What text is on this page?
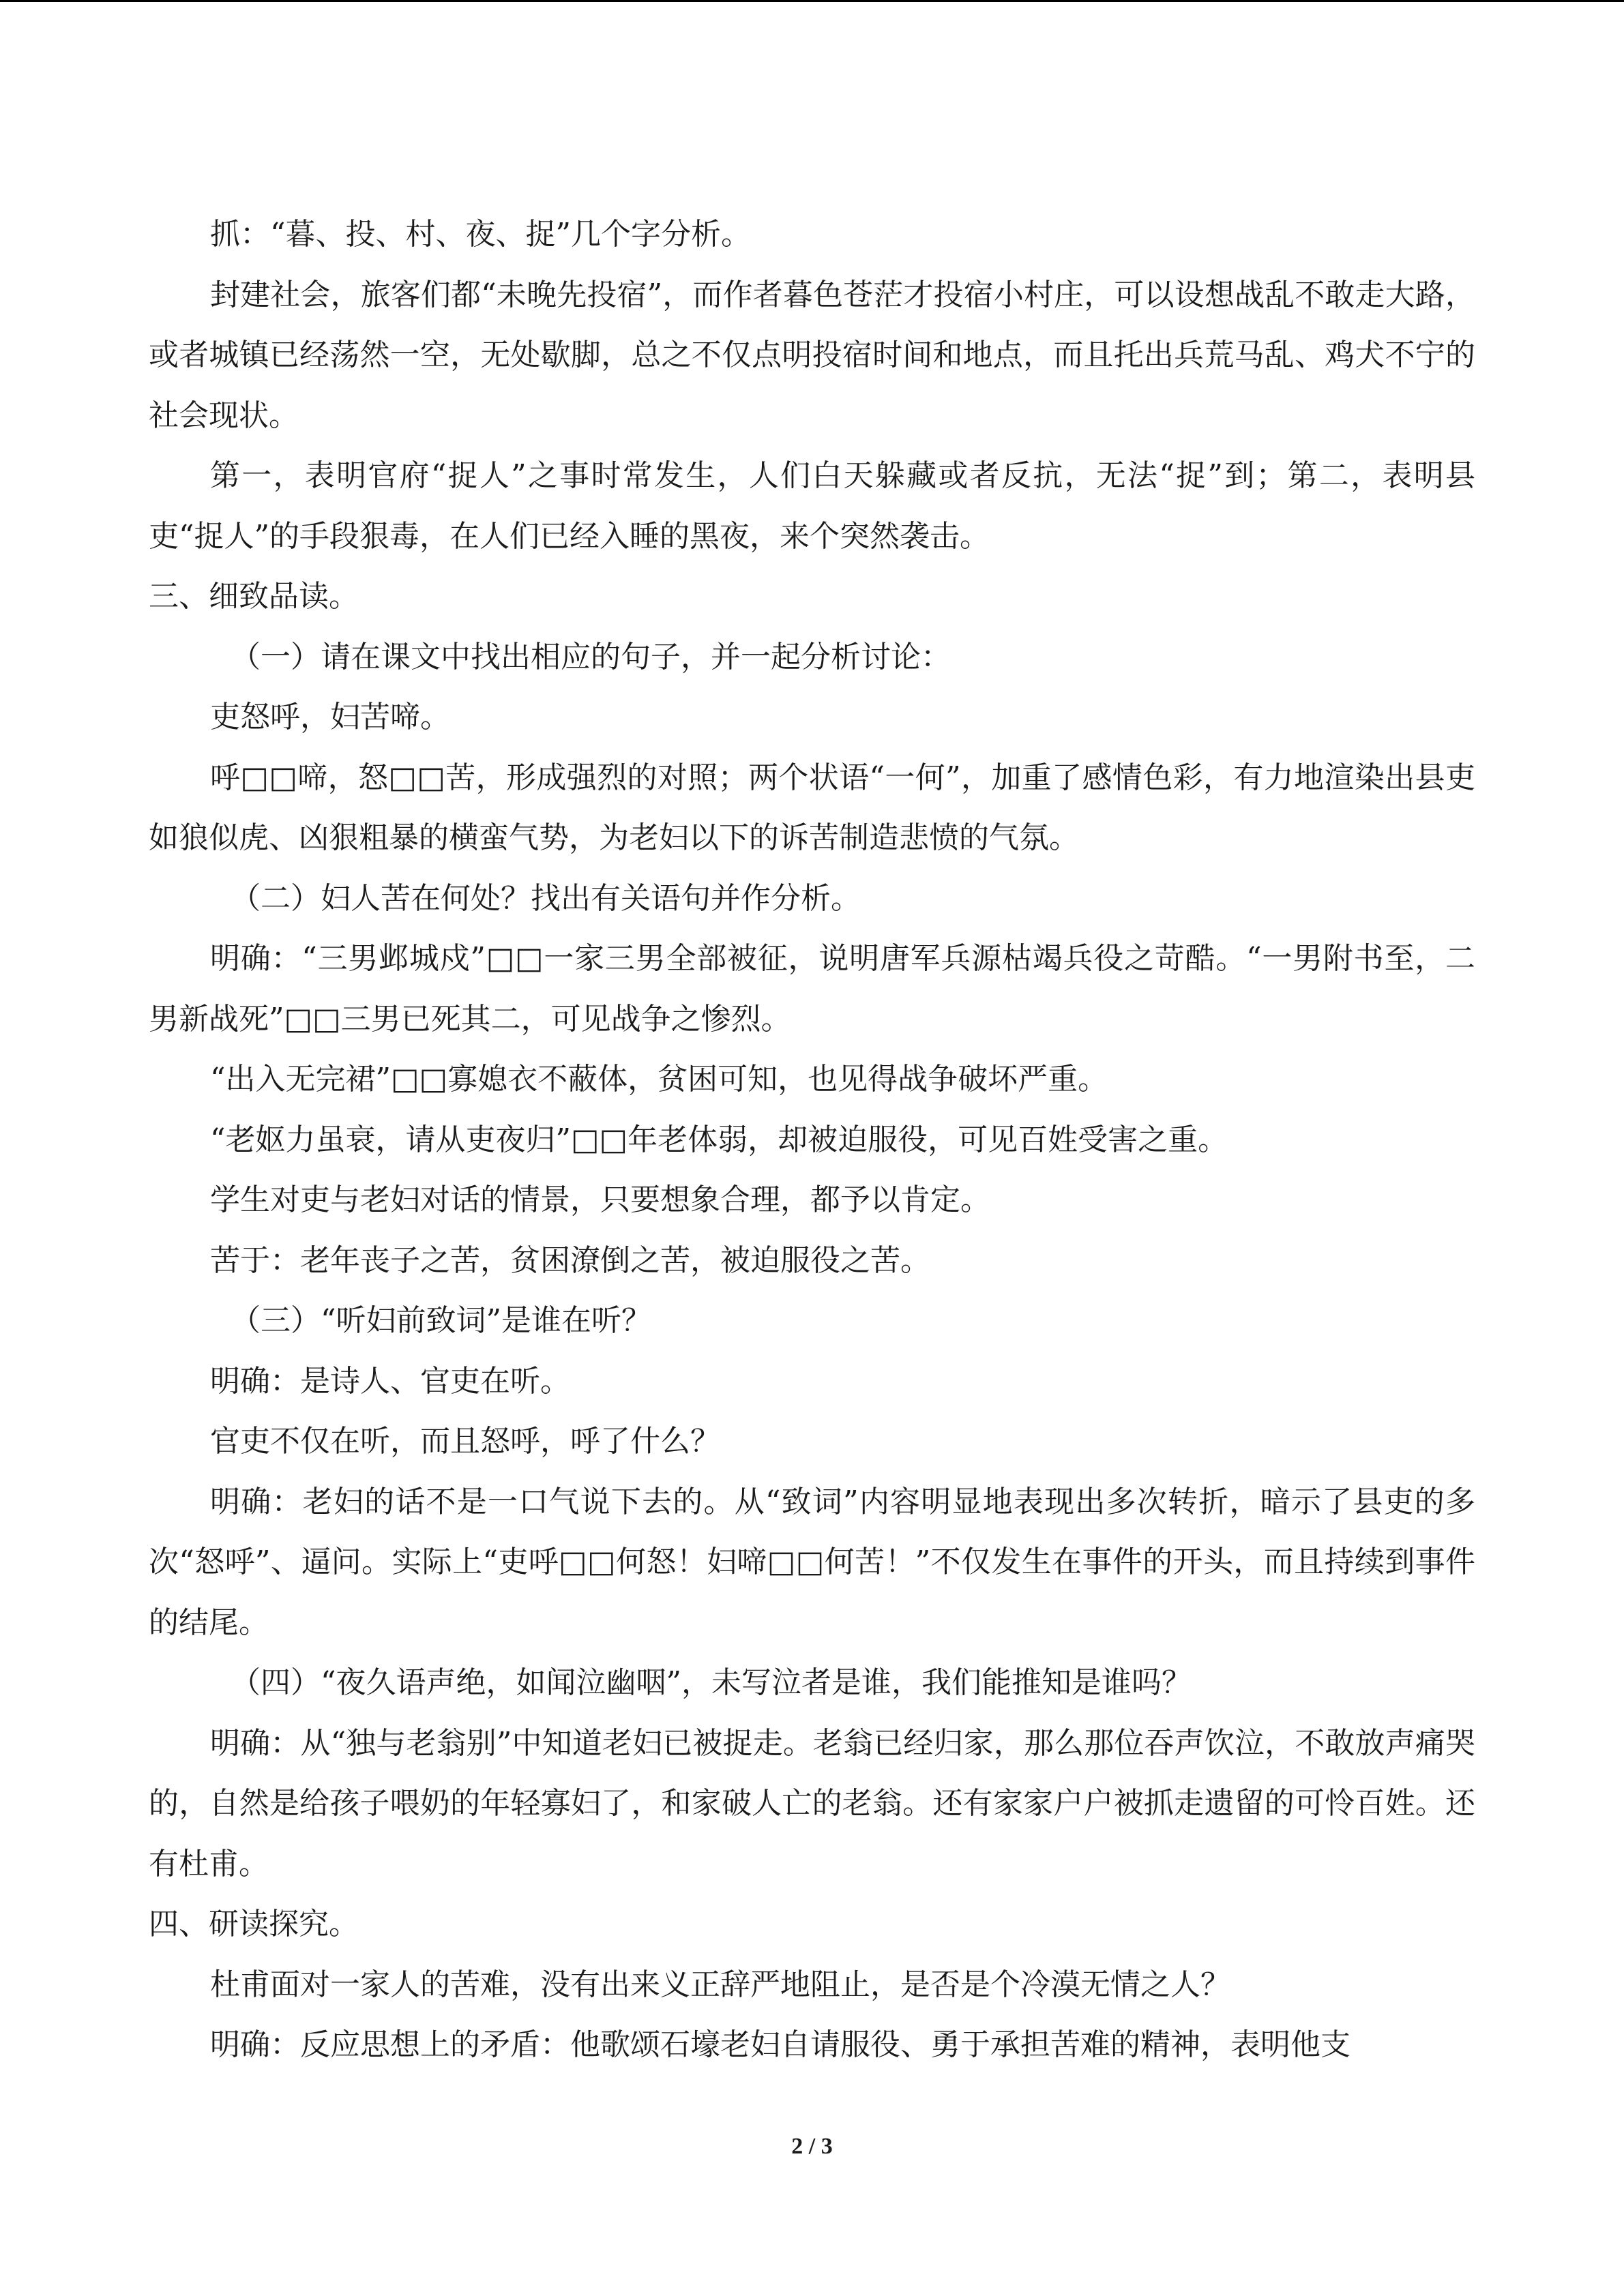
抓：“暮、投、村、夜、捉”几个字分析。

封建社会，旅客们都“未晚先投宿”，而作者暮色苍茫才投宿小村庄，可以设想战乱不敢走大路，或者城镇已经荡然一空，无处歇脚，总之不仅点明投宿时间和地点，而且托出兵荒马乱、鸡犬不宁的社会现状。

第一，表明官府“捉人”之事时常发生，人们白天躲藏或者反抗，无法“捉”到；第二，表明县吏“捉人”的手段狠毒，在人们已经入睡的黑夜，来个突然袭击。

三、细致品读。

（一）请在课文中找出相应的句子，并一起分析讨论：

吏怒呼，妇苦啼。

呼□□啼，怒□□苦，形成强烈的对照；两个状语“一何”，加重了感情色彩，有力地渲染出县吏如狼似虎、凶狠粗暴的横蛮气势，为老妇以下的诉苦制造悲愤的气氛。

（二）妇人苦在何处？找出有关语句并作分析。

明确：“三男邺城戍”□□一家三男全部被征，说明唐军兵源枯竭兵役之苛酷。“一男附书至，二男新战死”□□三男已死其二，可见战争之惨烈。

“出入无完裙”□□寡媳衣不蔽体，贫困可知，也见得战争破坏严重。

“老妪力虽衰，请从吏夜归”□□年老体弱，却被迫服役，可见百姓受害之重。

学生对吏与老妇对话的情景，只要想象合理，都予以肯定。

苦于：老年丧子之苦，贫困潦倒之苦，被迫服役之苦。

（三）“听妇前致词”是谁在听？

明确：是诗人、官吏在听。

官吏不仅在听，而且怒呼，呼了什么？

明确：老妇的话不是一口气说下去的。从“致词”内容明显地表现出多次转折，暗示了县吏的多次“怒呼”、逼问。实际上“吏呼□□何怒！妇啼□□何苦！”不仅发生在事件的开头，而且持续到事件的结尾。

（四）“夜久语声绝，如闻泣幽咽”，未写泣者是谁，我们能推知是谁吗？

明确：从“独与老翁别”中知道老妇已被捉走。老翁已经归家，那么那位吞声饮泣，不敢放声痛哭的，自然是给孩子喂奶的年轻寡妇了，和家破人亡的老翁。还有家家户户被抓走遗留的可怜百姓。还有杜甫。

四、研读探究。

杜甫面对一家人的苦难，没有出来义正辞严地阻止，是否是个冷漠无情之人？

明确：反应思想上的矛盾：他歌颂石壕老妇自请服役、勇于承担苦难的精神，表明他支

2 / 3
